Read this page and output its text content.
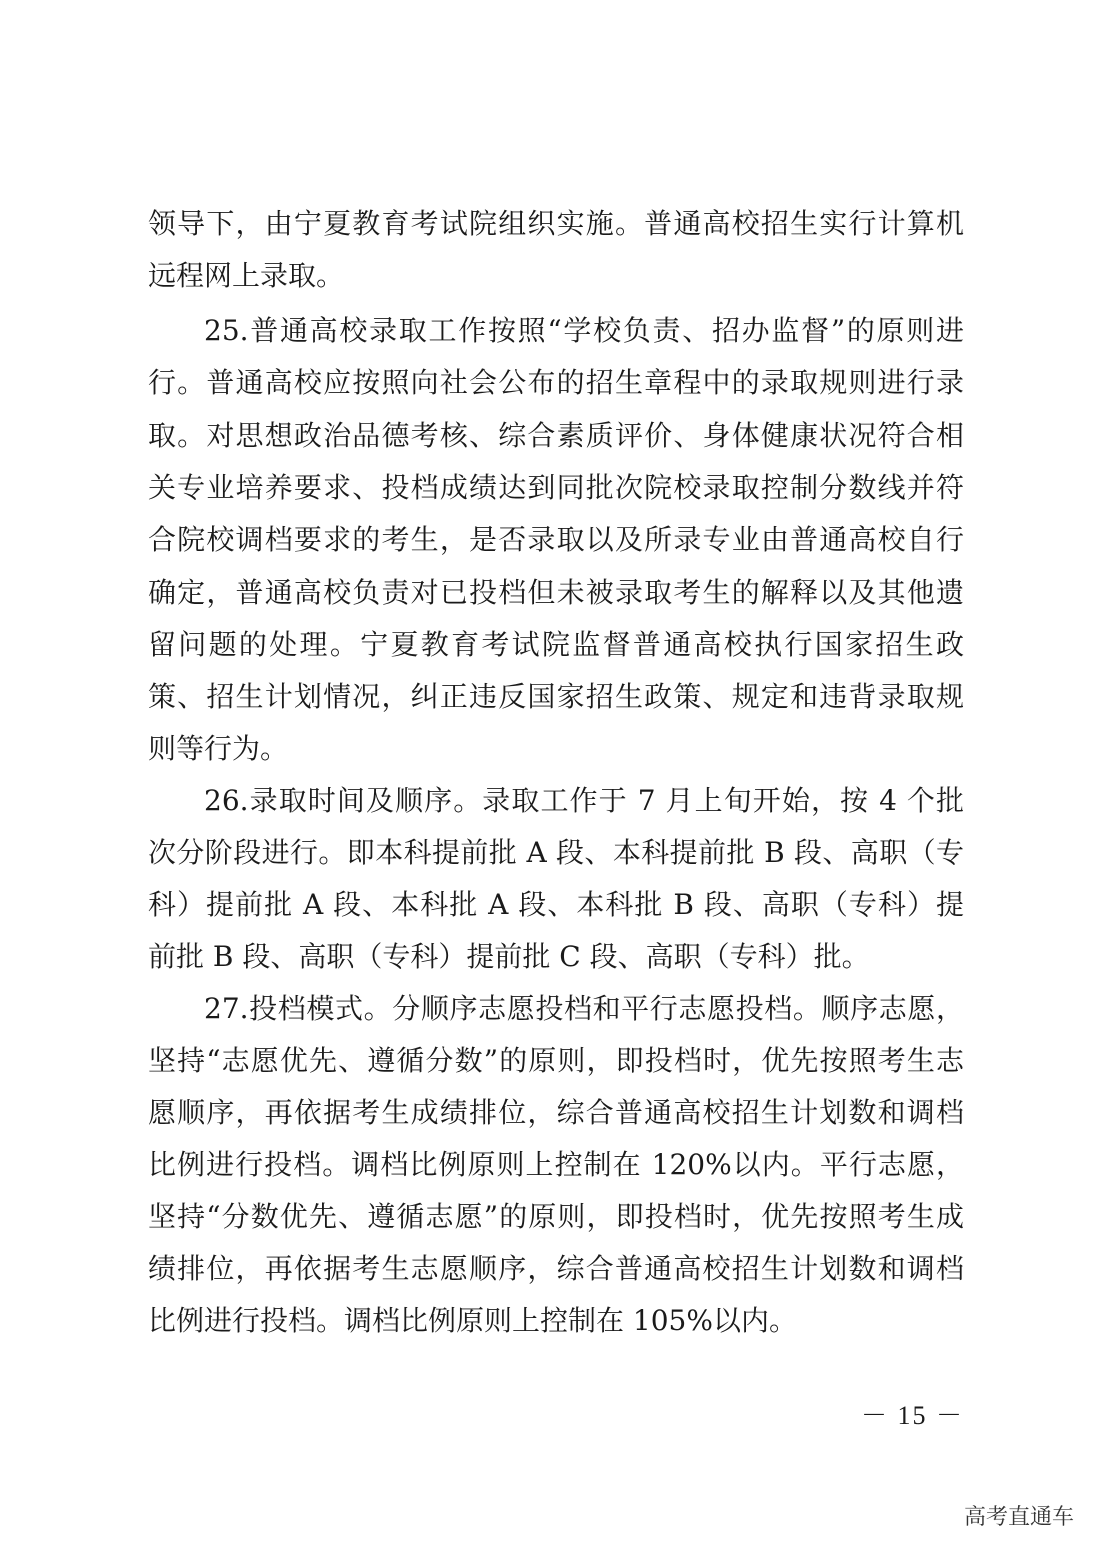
领导下，由宁夏教育考试院组织实施。普通高校招生实行计算机
远程网上录取。
25.普通高校录取工作按照“学校负责、招办监督”的原则进
行。普通高校应按照向社会公布的招生章程中的录取规则进行录
取。对思想政治品德考核、综合素质评价、身体健康状况符合相
关专业培养要求、投档成绩达到同批次院校录取控制分数线并符
合院校调档要求的考生，是否录取以及所录专业由普通高校自行
确定，普通高校负责对已投档但未被录取考生的解释以及其他遗
留问题的处理。宁夏教育考试院监督普通高校执行国家招生政
策、招生计划情况，纠正违反国家招生政策、规定和违背录取规
则等行为。
26.录取时间及顺序。录取工作于 7 月上旬开始，按 4 个批
次分阶段进行。即本科提前批 A 段、本科提前批 B 段、高职（专
科）提前批 A 段、本科批 A 段、本科批 B 段、高职（专科）提
前批 B 段、高职（专科）提前批 C 段、高职（专科）批。
27.投档模式。分顺序志愿投档和平行志愿投档。顺序志愿，
坚持“志愿优先、遵循分数”的原则，即投档时，优先按照考生志
愿顺序，再依据考生成绩排位，综合普通高校招生计划数和调档
比例进行投档。调档比例原则上控制在 120%以内。平行志愿，
坚持“分数优先、遵循志愿”的原则，即投档时，优先按照考生成
绩排位，再依据考生志愿顺序，综合普通高校招生计划数和调档
比例进行投档。调档比例原则上控制在 105%以内。
－ 15 －
高考直通车
